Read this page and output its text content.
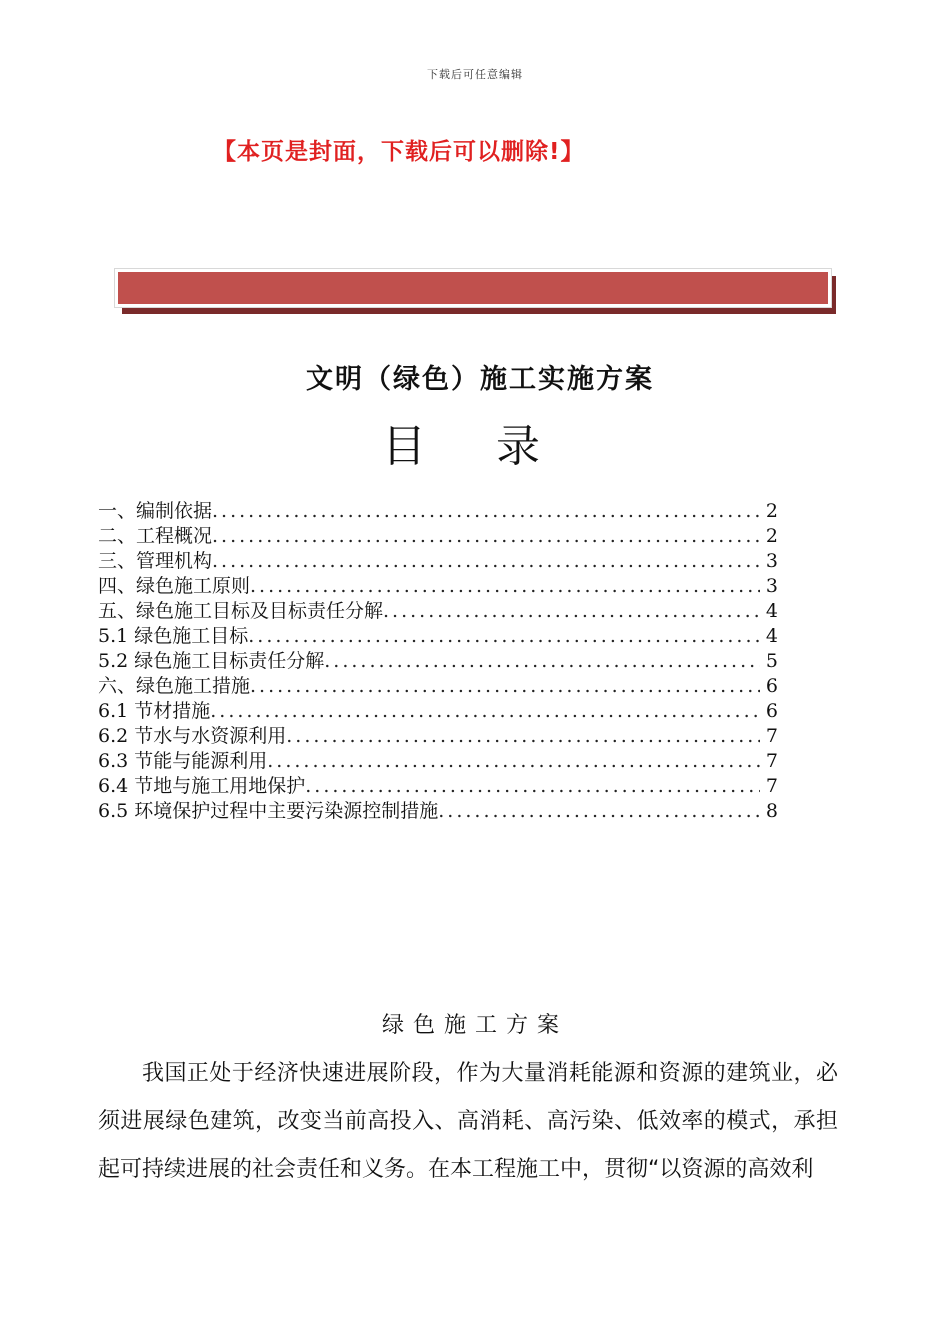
下载后可任意编辑
【本页是封面，下载后可以删除!】
文明（绿色）施工实施方案
目 录
一、编制依据 .....	2
二、工程概况 .....	2
三、管理机构 .....	3
四、绿色施工原则 .....	3
五、绿色施工目标及目标责任分解 .....	4
5.1 绿色施工目标 .....	4
5.2 绿色施工目标责任分解 .....	5
六、绿色施工措施 .....	6
6.1 节材措施 .....	6
6.2 节水与水资源利用 .....	7
6.3 节能与能源利用 .....	7
6.4 节地与施工用地保护 .....	7
6.5 环境保护过程中主要污染源控制措施 .....	8
绿色施工方案

我国正处于经济快速进展阶段，作为大量消耗能源和资源的建筑业，必须进展绿色建筑，改变当前高投入、高消耗、高污染、低效率的模式，承担起可持续进展的社会责任和义务。在本工程施工中，贯彻“以资源的高效利
